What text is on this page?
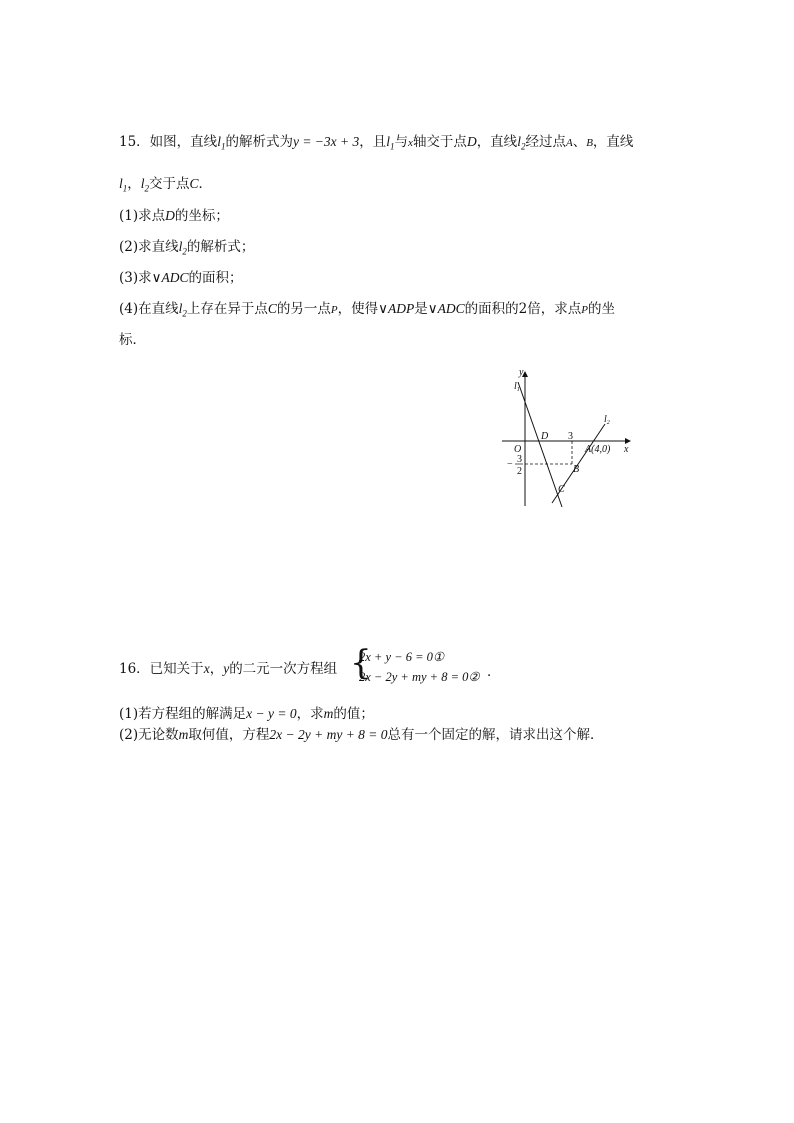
15．如图，直线$l_1$的解析式为y = −3x + 3，且$l_1$与x轴交于点D，直线$l_2$经过点A、B，直线
$l_1$，$l_2$交于点C．
(1)求点D的坐标；
(2)求直线$l_2$的解析式；
(3)求∨ADC的面积；
(4)在直线$l_2$上存在异于点C的另一点P，使得∨ADP是∨ADC的面积的2倍，求点P的坐
标．
y
x
$l_1$
$l_2$
O
D 3
A(4,0)
B
C
− 3
2
16．已知关于x，y的二元一次方程组 {
2x + y − 6 = 0①
2x − 2y + my + 8 = 0② ．
(1)若方程组的解满足x − y = 0，求m的值；
(2)无论数m取何值，方程2x − 2y + my + 8 = 0总有一个固定的解，请求出这个解．
